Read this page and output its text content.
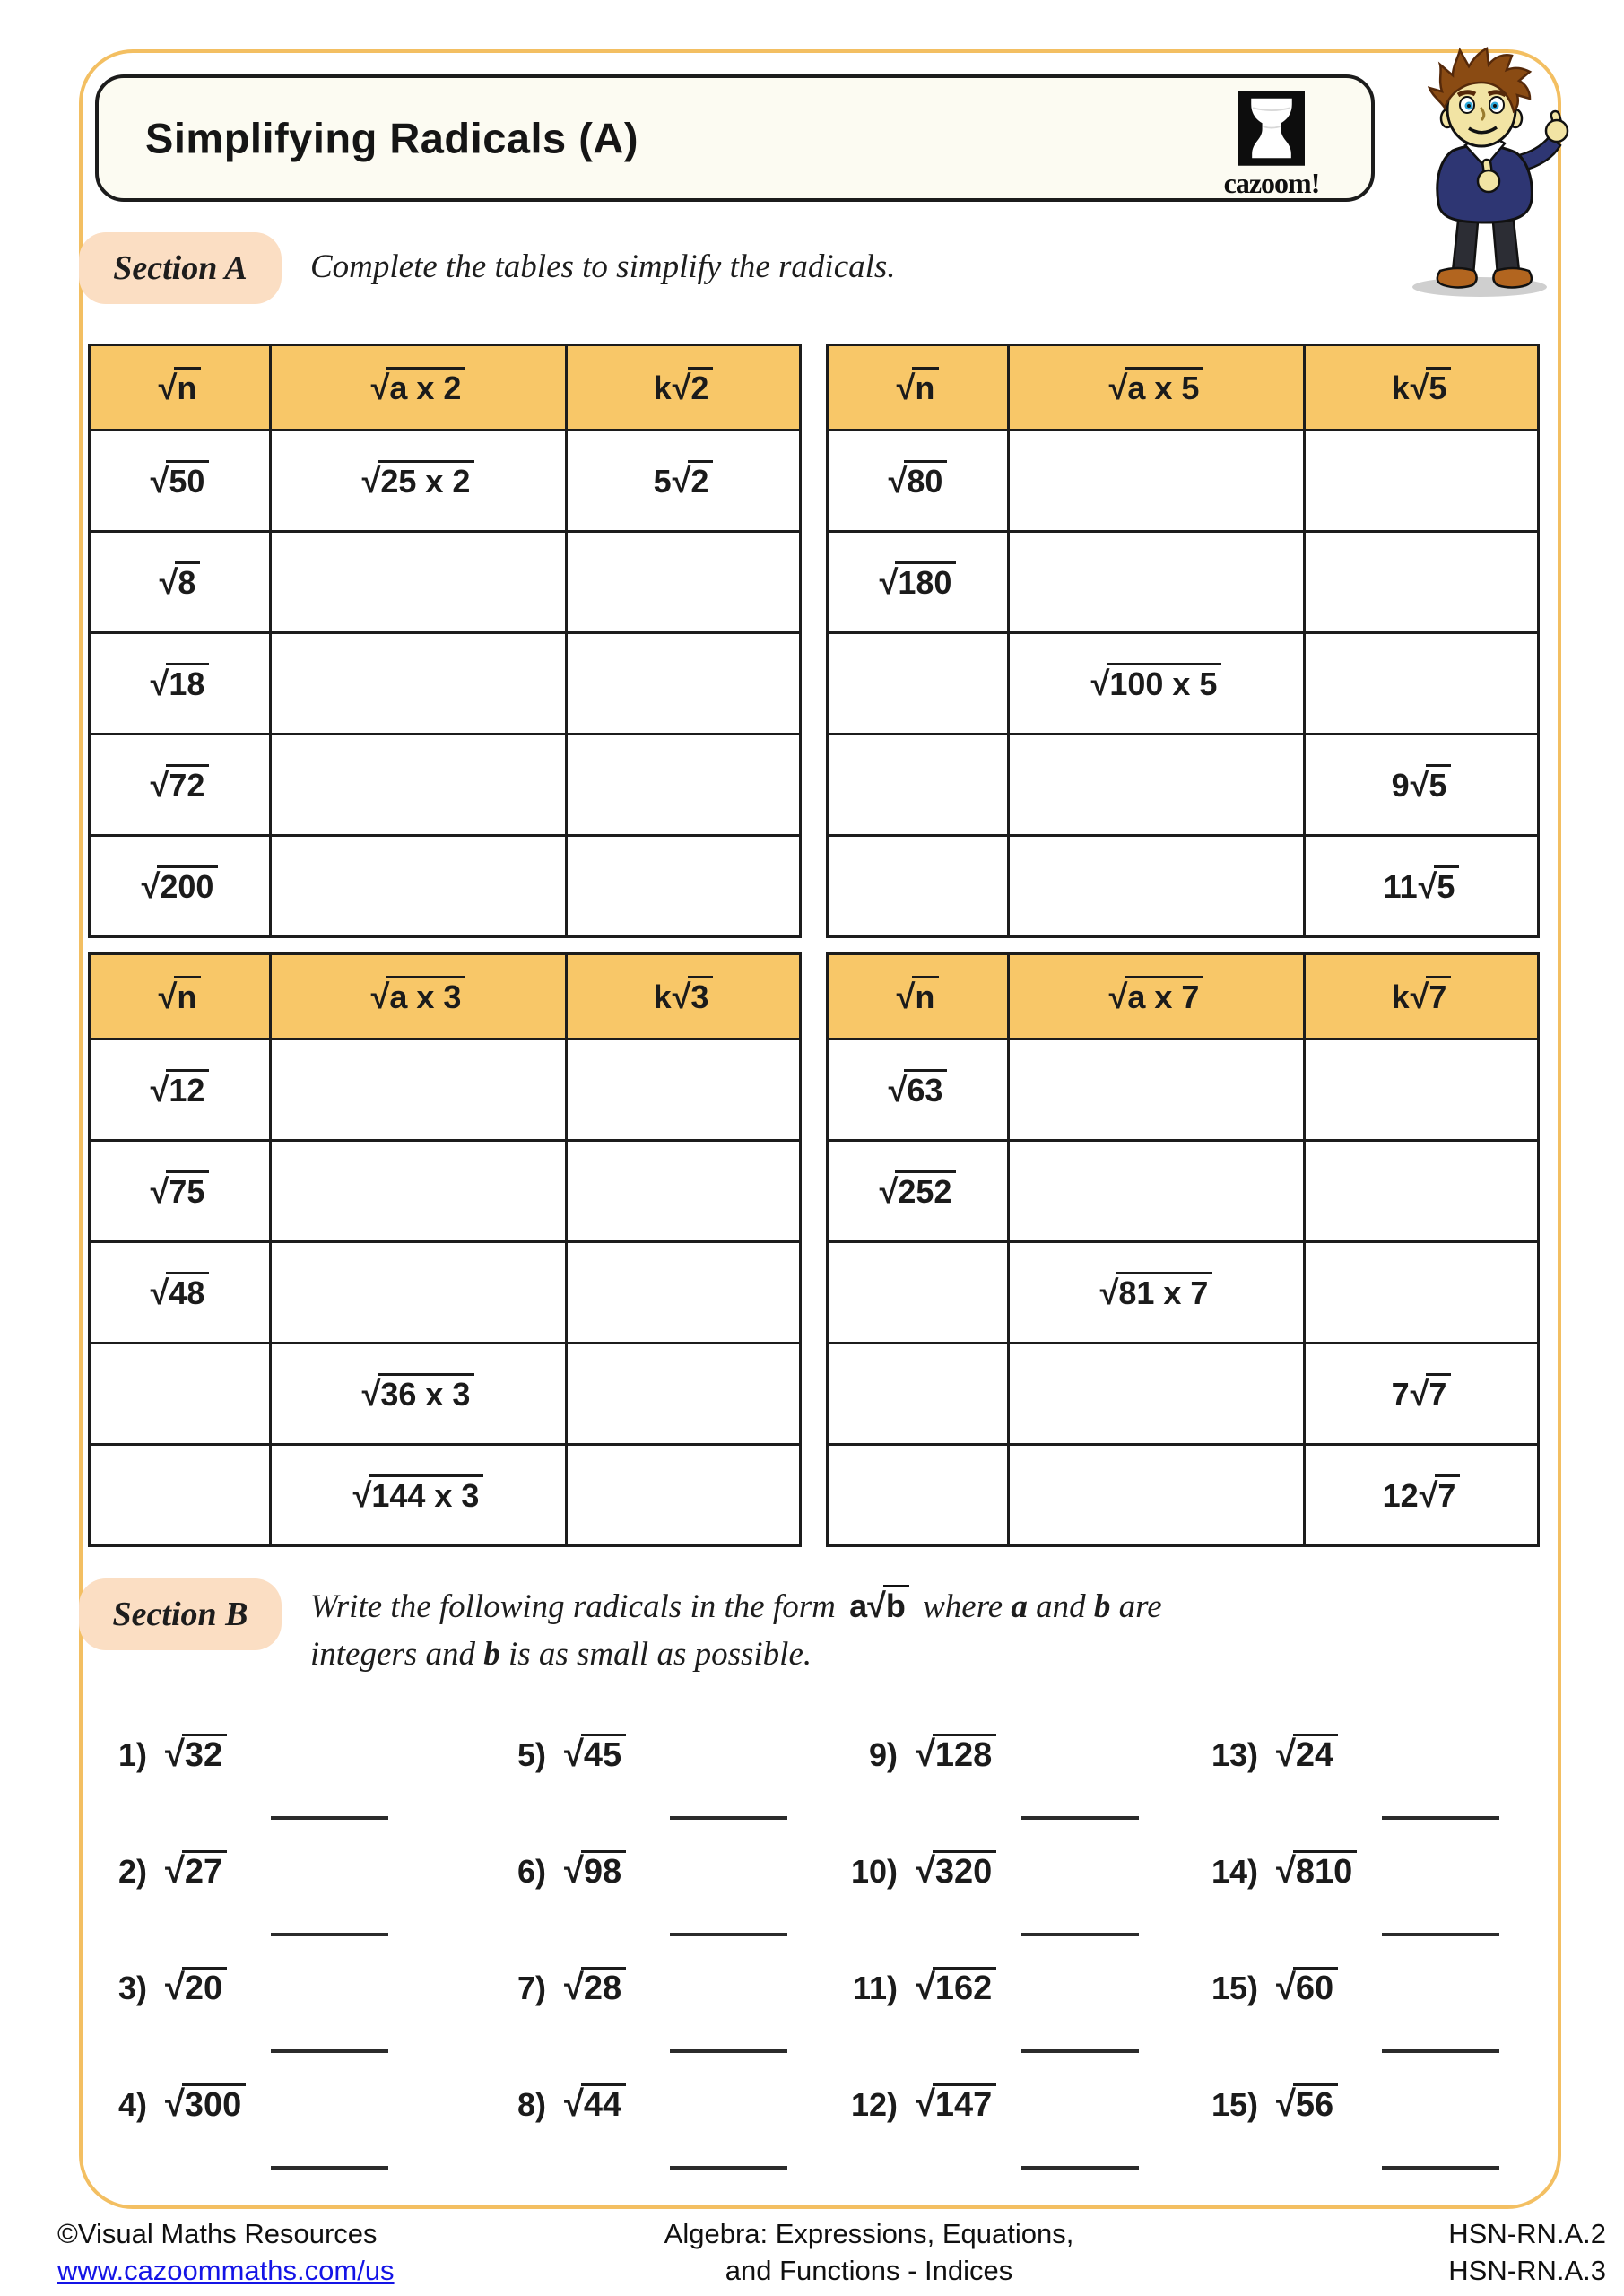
Simplifying Radicals (A)
cazoom!
Section A	Complete the tables to simplify the radicals.
√n	√a x 2	k√2
√50	√25 x 2	5√2
√8		
√18		
√72		
√200		
√n	√a x 5	k√5
√80		
√180		
	√100 x 5	
		9√5
		11√5
√n	√a x 3	k√3
√12		
√75		
√48		
	√36 x 3	
	√144 x 3	
√n	√a x 7	k√7
√63		
√252		
	√81 x 7	
		7√7
		12√7
Section B	Write the following radicals in the form a√b where a and b are
integers and b is as small as possible.
1) √32
2) √27
3) √20
4) √300
5) √45
6) √98
7) √28
8) √44
9) √128
10) √320
11) √162
12) √147
13) √24
14) √810
15) √60
15) √56
©Visual Maths Resources
www.cazoommaths.com/us
Algebra: Expressions, Equations,
and Functions - Indices
HSN-RN.A.2
HSN-RN.A.3
